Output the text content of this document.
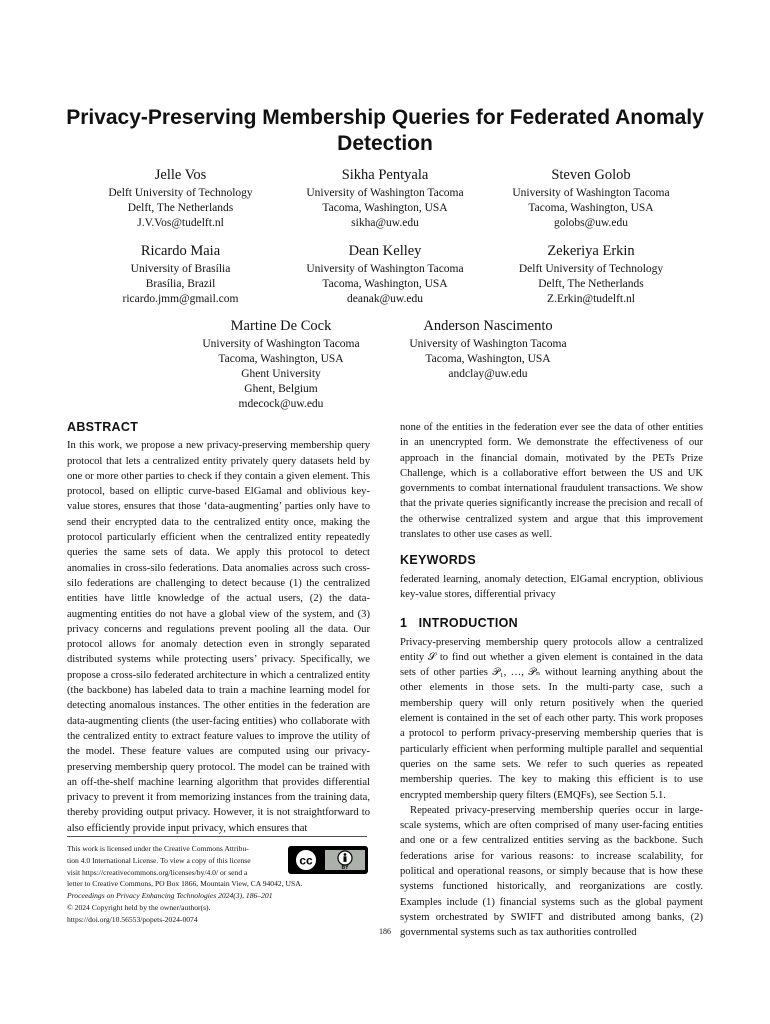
Privacy-Preserving Membership Queries for Federated Anomaly Detection
Jelle Vos
Delft University of Technology
Delft, The Netherlands
J.V.Vos@tudelft.nl
Sikha Pentyala
University of Washington Tacoma
Tacoma, Washington, USA
sikha@uw.edu
Steven Golob
University of Washington Tacoma
Tacoma, Washington, USA
golobs@uw.edu
Ricardo Maia
University of Brasília
Brasília, Brazil
ricardo.jmm@gmail.com
Dean Kelley
University of Washington Tacoma
Tacoma, Washington, USA
deanak@uw.edu
Zekeriya Erkin
Delft University of Technology
Delft, The Netherlands
Z.Erkin@tudelft.nl
Martine De Cock
University of Washington Tacoma
Tacoma, Washington, USA
Ghent University
Ghent, Belgium
mdecock@uw.edu
Anderson Nascimento
University of Washington Tacoma
Tacoma, Washington, USA
andclay@uw.edu
ABSTRACT

In this work, we propose a new privacy-preserving membership query protocol that lets a centralized entity privately query datasets held by one or more other parties to check if they contain a given element. This protocol, based on elliptic curve-based ElGamal and oblivious key-value stores, ensures that those ‘data-augmenting’ parties only have to send their encrypted data to the centralized entity once, making the protocol particularly efficient when the centralized entity repeatedly queries the same sets of data. We apply this protocol to detect anomalies in cross-silo federations. Data anomalies across such cross-silo federations are challenging to detect because (1) the centralized entities have little knowledge of the actual users, (2) the data-augmenting entities do not have a global view of the system, and (3) privacy concerns and regulations prevent pooling all the data. Our protocol allows for anomaly detection even in strongly separated distributed systems while protecting users’ privacy. Specifically, we propose a cross-silo federated architecture in which a centralized entity (the backbone) has labeled data to train a machine learning model for detecting anomalous instances. The other entities in the federation are data-augmenting clients (the user-facing entities) who collaborate with the centralized entity to extract feature values to improve the utility of the model. These feature values are computed using our privacy-preserving membership query protocol. The model can be trained with an off-the-shelf machine learning algorithm that provides differential privacy to prevent it from memorizing instances from the training data, thereby providing output privacy. However, it is not straightforward to also efficiently provide input privacy, which ensures that

none of the entities in the federation ever see the data of other entities in an unencrypted form. We demonstrate the effectiveness of our approach in the financial domain, motivated by the PETs Prize Challenge, which is a collaborative effort between the US and UK governments to combat international fraudulent transactions. We show that the private queries significantly increase the precision and recall of the otherwise centralized system and argue that this improvement translates to other use cases as well.

KEYWORDS

federated learning, anomaly detection, ElGamal encryption, oblivious key-value stores, differential privacy

1   INTRODUCTION

Privacy-preserving membership query protocols allow a centralized entity 𝒮 to find out whether a given element is contained in the data sets of other parties 𝒫₁, …, 𝒫ₙ without learning anything about the other elements in those sets. In the multi-party case, such a membership query will only return positively when the queried element is contained in the set of each other party. This work proposes a protocol to perform privacy-preserving membership queries that is particularly efficient when performing multiple parallel and sequential queries on the same sets. We refer to such queries as repeated membership queries. The key to making this efficient is to use encrypted membership query filters (EMQFs), see Section 5.1.

Repeated privacy-preserving membership queries occur in large-scale systems, which are often comprised of many user-facing entities and one or a few centralized entities serving as the backbone. Such federations arise for various reasons: to increase scalability, for political and operational reasons, or simply because that is how these systems functioned historically, and reorganizations are costly. Examples include (1) financial systems such as the global payment system orchestrated by SWIFT and distributed among banks, (2) governmental systems such as tax authorities controlled

This work is licensed under the Creative Commons Attribu-
tion 4.0 International License. To view a copy of this license
visit https://creativecommons.org/licenses/by/4.0/ or send a
letter to Creative Commons, PO Box 1866, Mountain View, CA 94042, USA.
Proceedings on Privacy Enhancing Technologies 2024(3), 186–201
© 2024 Copyright held by the owner/author(s).
https://doi.org/10.56553/popets-2024-0074
cc
BY
186
